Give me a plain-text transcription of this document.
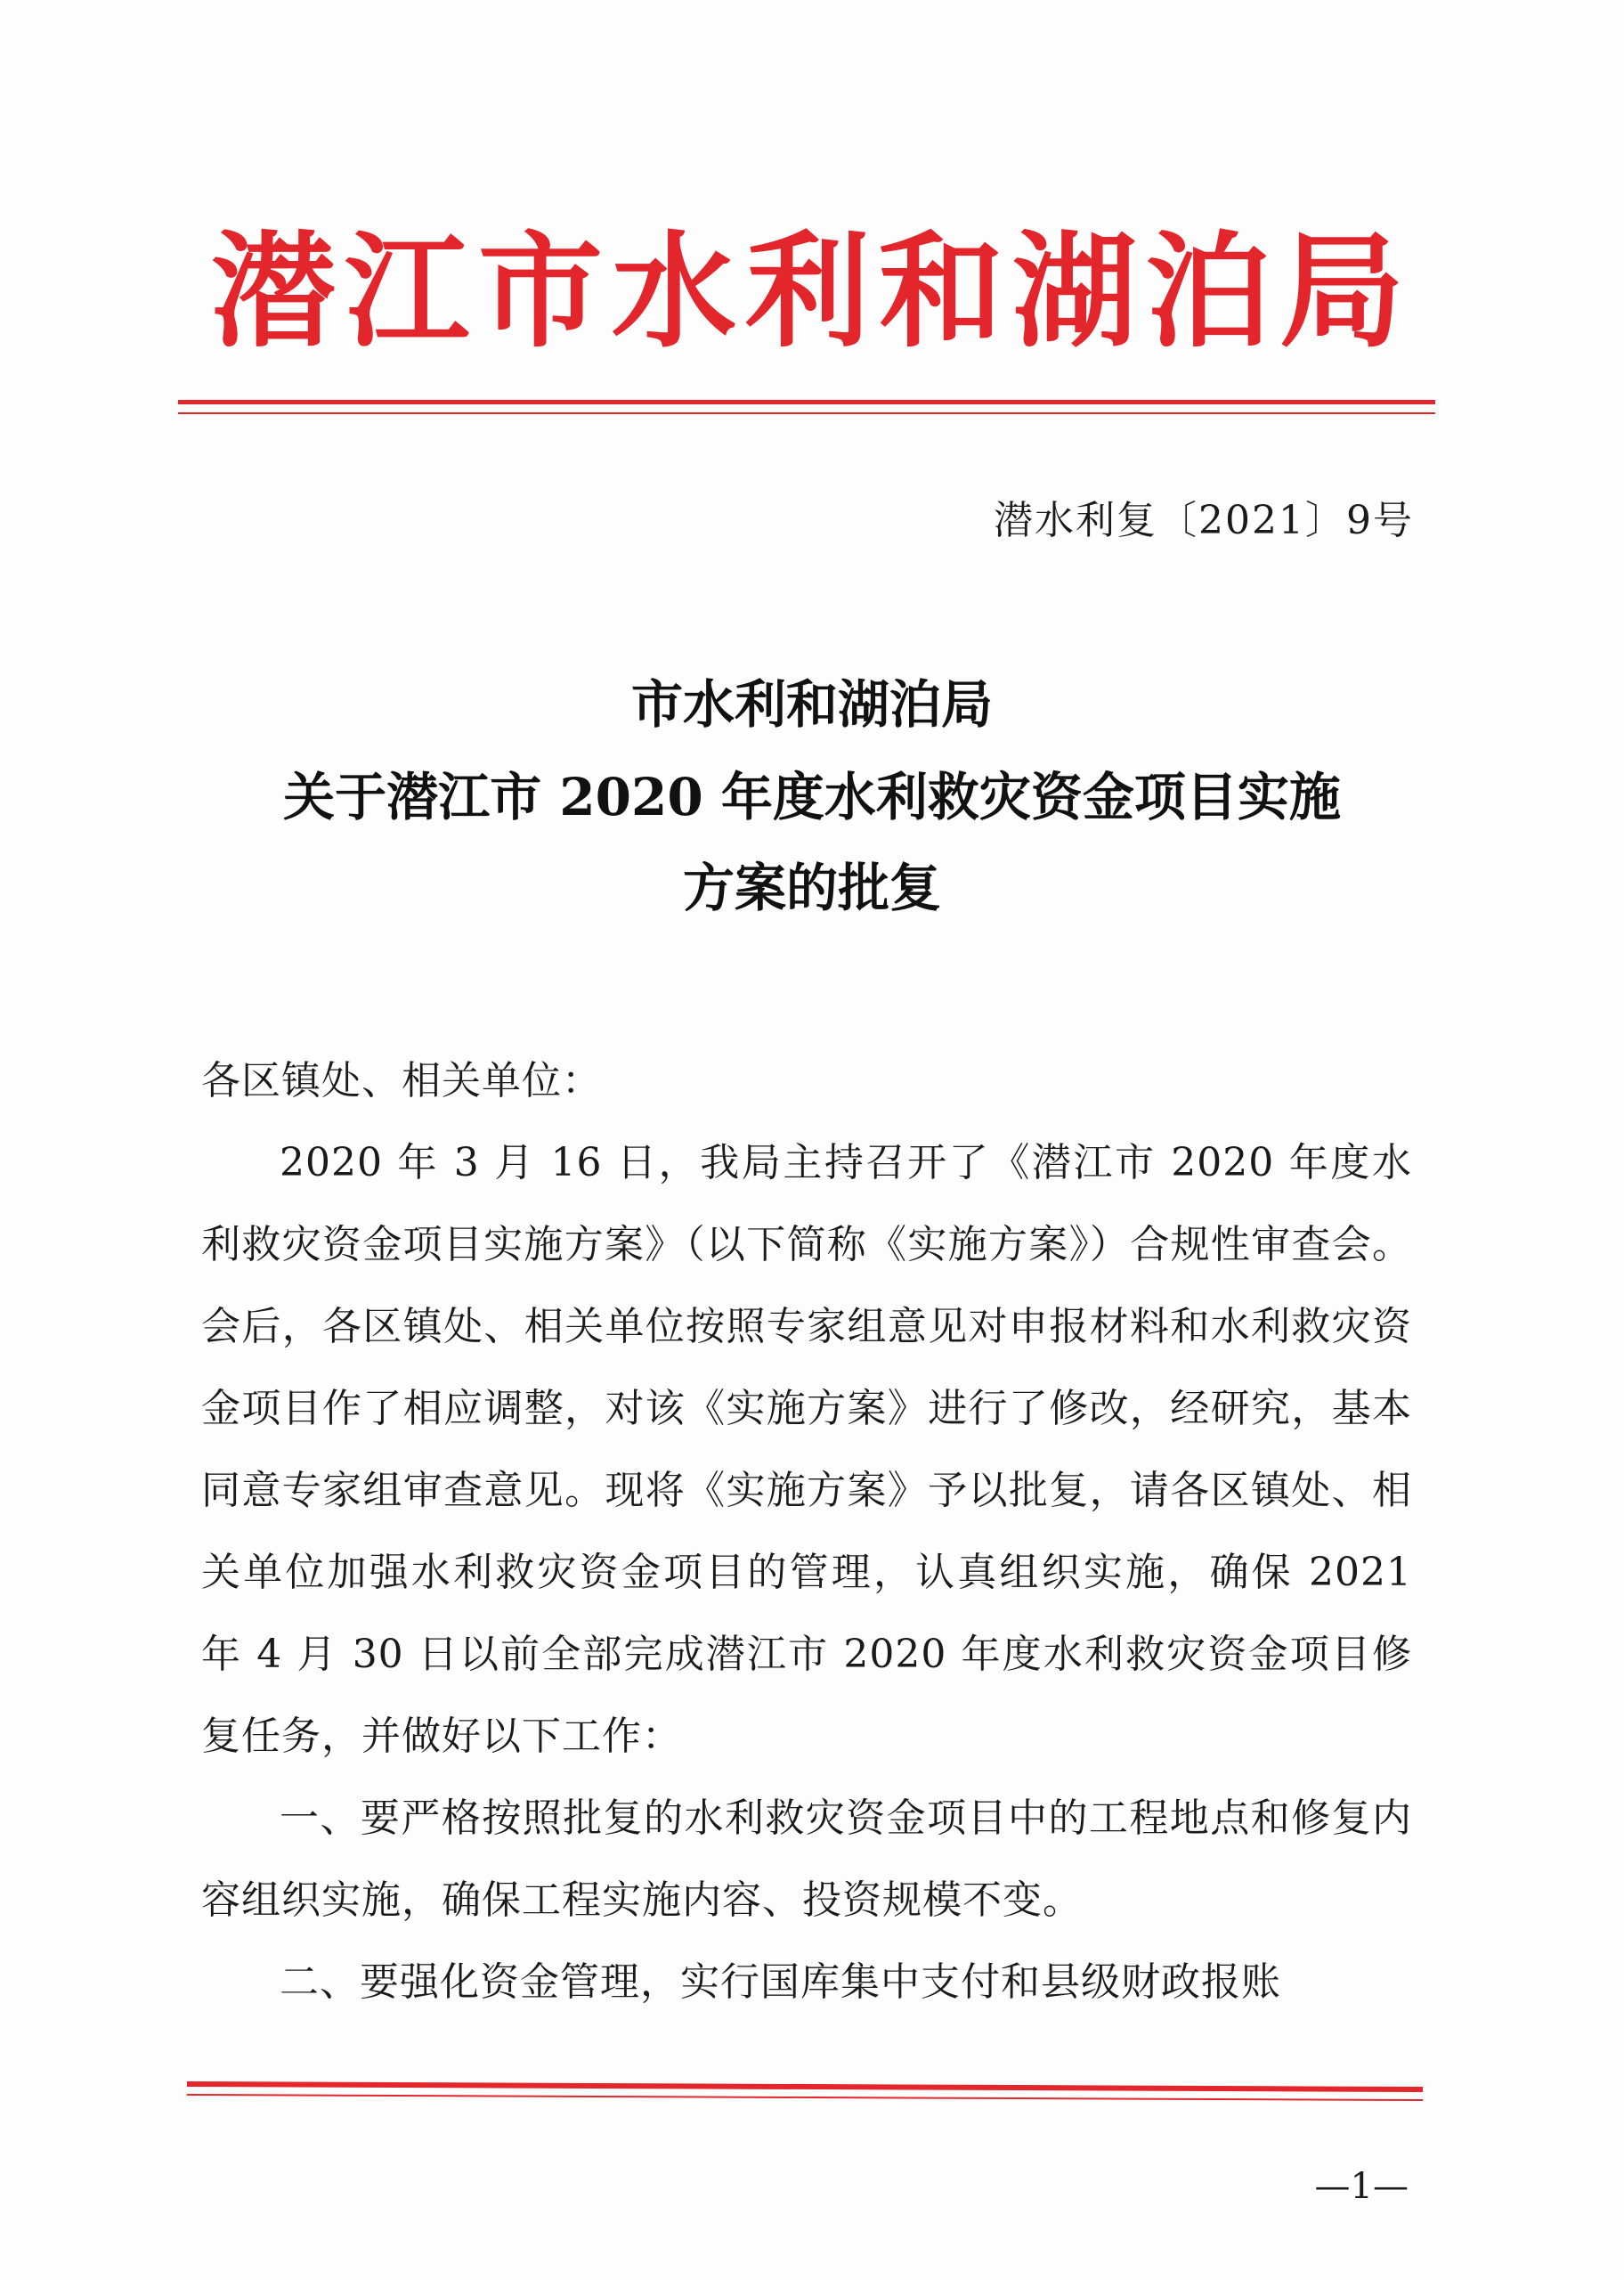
潜江市水利和湖泊局
潜水利复〔2021〕9号
市水利和湖泊局
关于潜江市 2020 年度水利救灾资金项目实施
方案的批复

各区镇处、相关单位：

2020 年 3 月 16 日，我局主持召开了《潜江市 2020 年度水利救灾资金项目实施方案》（以下简称《实施方案》）合规性审查会。会后，各区镇处、相关单位按照专家组意见对申报材料和水利救灾资金项目作了相应调整，对该《实施方案》进行了修改，经研究，基本同意专家组审查意见。现将《实施方案》予以批复，请各区镇处、相关单位加强水利救灾资金项目的管理，认真组织实施，确保 2021 年 4 月 30 日以前全部完成潜江市 2020 年度水利救灾资金项目修复任务，并做好以下工作：

一、要严格按照批复的水利救灾资金项目中的工程地点和修复内容组织实施，确保工程实施内容、投资规模不变。

二、要强化资金管理，实行国库集中支付和县级财政报账

—1—
